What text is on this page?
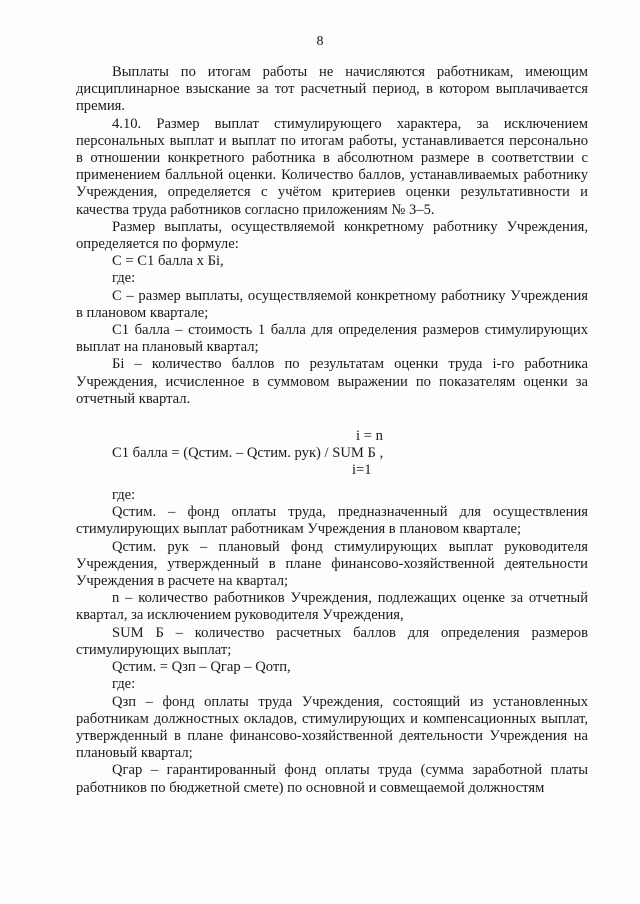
8

Выплаты по итогам работы не начисляются работникам, имеющим дисциплинарное взыскание за тот расчетный период, в котором выплачивается премия.

4.10. Размер выплат стимулирующего характера, за исключением персональных выплат и выплат по итогам работы, устанавливается персонально в отношении конкретного работника в абсолютном размере в соответствии с применением балльной оценки. Количество баллов, устанавливаемых работнику Учреждения, определяется с учётом критериев оценки результативности и качества труда работников согласно приложениям № 3–5.

Размер выплаты, осуществляемой конкретному работнику Учреждения, определяется по формуле:

С = С1 балла х Бi,

где:

С – размер выплаты, осуществляемой конкретному работнику Учреждения в плановом квартале;

С1 балла – стоимость 1 балла для определения размеров стимулирующих выплат на плановый квартал;

Бi – количество баллов по результатам оценки труда i-го работника Учреждения, исчисленное в суммовом выражении по показателям оценки за отчетный квартал.

i = n
С1 балла = (Qстим. – Qстим. рук) / SUM Б ,
i=1

где:

Qстим. – фонд оплаты труда, предназначенный для осуществления стимулирующих выплат работникам Учреждения в плановом квартале;

Qстим. рук – плановый фонд стимулирующих выплат руководителя Учреждения, утвержденный в плане финансово-хозяйственной деятельности Учреждения в расчете на квартал;

n – количество работников Учреждения, подлежащих оценке за отчетный квартал, за исключением руководителя Учреждения,

SUM Б – количество расчетных баллов для определения размеров стимулирующих выплат;

Qстим. = Qзп – Qгар – Qотп,

где:

Qзп – фонд оплаты труда Учреждения, состоящий из установленных работникам должностных окладов, стимулирующих и компенсационных выплат, утвержденный в плане финансово-хозяйственной деятельности Учреждения на плановый квартал;

Qгар – гарантированный фонд оплаты труда (сумма заработной платы работников по бюджетной смете) по основной и совмещаемой должностям
